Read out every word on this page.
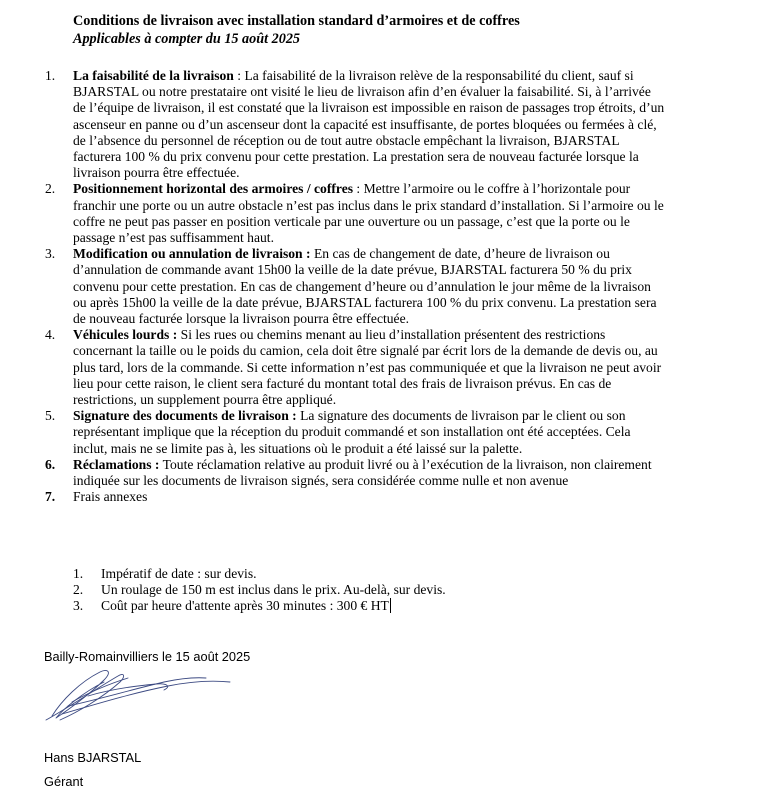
Conditions de livraison avec installation standard d’armoires et de coffres
Applicables à compter du 15 août 2025
1. La faisabilité de la livraison : La faisabilité de la livraison relève de la responsabilité du client, sauf si
BJARSTAL ou notre prestataire ont visité le lieu de livraison afin d’en évaluer la faisabilité. Si, à l’arrivée
de l’équipe de livraison, il est constaté que la livraison est impossible en raison de passages trop étroits, d’un
ascenseur en panne ou d’un ascenseur dont la capacité est insuffisante, de portes bloquées ou fermées à clé,
de l’absence du personnel de réception ou de tout autre obstacle empêchant la livraison, BJARSTAL
facturera 100 % du prix convenu pour cette prestation. La prestation sera de nouveau facturée lorsque la
livraison pourra être effectuée.
2. Positionnement horizontal des armoires / coffres : Mettre l’armoire ou le coffre à l’horizontale pour
franchir une porte ou un autre obstacle n’est pas inclus dans le prix standard d’installation. Si l’armoire ou le
coffre ne peut pas passer en position verticale par une ouverture ou un passage, c’est que la porte ou le
passage n’est pas suffisamment haut.
3. Modification ou annulation de livraison : En cas de changement de date, d’heure de livraison ou
d’annulation de commande avant 15h00 la veille de la date prévue, BJARSTAL facturera 50 % du prix
convenu pour cette prestation. En cas de changement d’heure ou d’annulation le jour même de la livraison
ou après 15h00 la veille de la date prévue, BJARSTAL facturera 100 % du prix convenu. La prestation sera
de nouveau facturée lorsque la livraison pourra être effectuée.
4. Véhicules lourds : Si les rues ou chemins menant au lieu d’installation présentent des restrictions
concernant la taille ou le poids du camion, cela doit être signalé par écrit lors de la demande de devis ou, au
plus tard, lors de la commande. Si cette information n’est pas communiquée et que la livraison ne peut avoir
lieu pour cette raison, le client sera facturé du montant total des frais de livraison prévus. En cas de
restrictions, un supplement pourra être appliqué.
5. Signature des documents de livraison : La signature des documents de livraison par le client ou son
représentant implique que la réception du produit commandé et son installation ont été acceptées. Cela
inclut, mais ne se limite pas à, les situations où le produit a été laissé sur la palette.
6. Réclamations : Toute réclamation relative au produit livré ou à l’exécution de la livraison, non clairement
indiquée sur les documents de livraison signés, sera considérée comme nulle et non avenue
7. Frais annexes
1. Impératif de date : sur devis.
2. Un roulage de 150 m est inclus dans le prix. Au-delà, sur devis.
3. Coût par heure d'attente après 30 minutes : 300 € HT
Bailly-Romainvilliers le 15 août 2025
Hans BJARSTAL
Gérant
